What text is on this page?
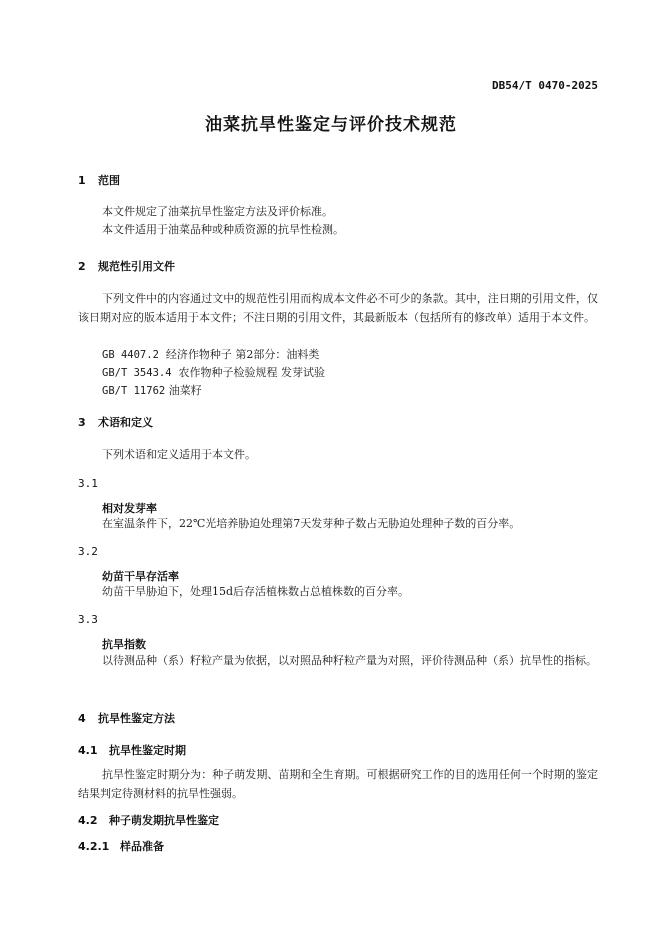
DB54/T 0470-2025
油菜抗旱性鉴定与评价技术规范
1 范围
本文件规定了油菜抗旱性鉴定方法及评价标准。
本文件适用于油菜品种或种质资源的抗旱性检测。
2 规范性引用文件
下列文件中的内容通过文中的规范性引用而构成本文件必不可少的条款。其中，注日期的引用文件，仅该日期对应的版本适用于本文件；不注日期的引用文件，其最新版本（包括所有的修改单）适用于本文件。
GB 4407.2 经济作物种子 第2部分：油料类
GB/T 3543.4 农作物种子检验规程 发芽试验
GB/T 11762 油菜籽
3 术语和定义
下列术语和定义适用于本文件。
3.1
相对发芽率
在室温条件下，22℃光培养胁迫处理第7天发芽种子数占无胁迫处理种子数的百分率。
3.2
幼苗干旱存活率
幼苗干旱胁迫下，处理15d后存活植株数占总植株数的百分率。
3.3
抗旱指数
以待测品种（系）籽粒产量为依据，以对照品种籽粒产量为对照，评价待测品种（系）抗旱性的指标。
4 抗旱性鉴定方法
4.1 抗旱性鉴定时期
抗旱性鉴定时期分为：种子萌发期、苗期和全生育期。可根据研究工作的目的选用任何一个时期的鉴定结果判定待测材料的抗旱性强弱。
4.2 种子萌发期抗旱性鉴定
4.2.1 样品准备
